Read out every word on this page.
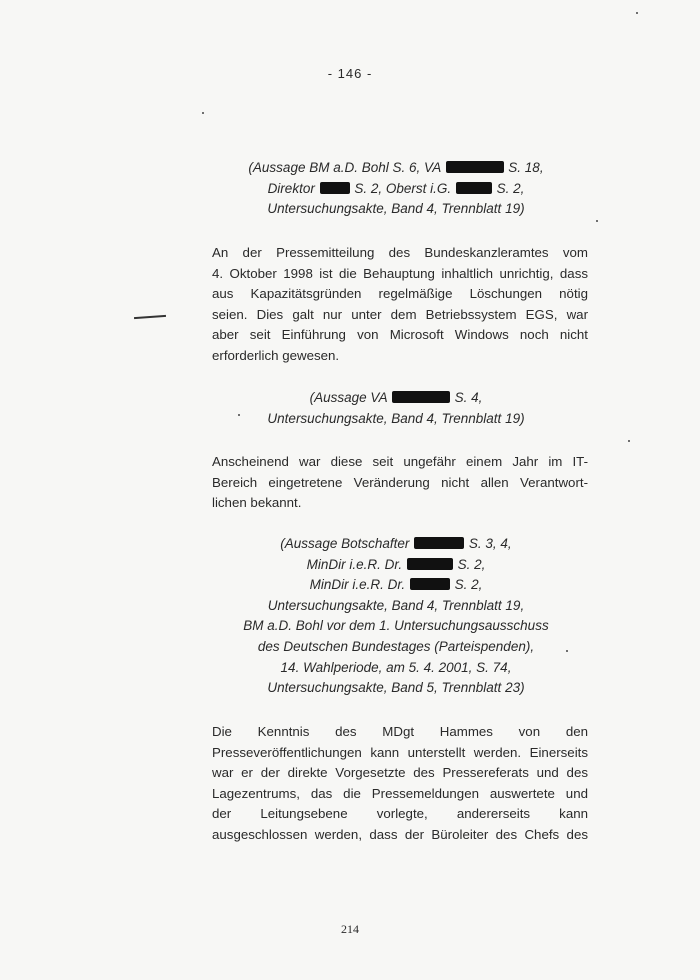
- 146 -
(Aussage BM a.D. Bohl S. 6, VA	S. 18,
Direktor	S. 2, Oberst i.G.	S. 2,
Untersuchungsakte, Band 4, Trennblatt 19)
An der Pressemitteilung des Bundeskanzleramtes vom
4. Oktober 1998 ist die Behauptung inhaltlich unrichtig, dass
aus Kapazitätsgründen regelmäßige Löschungen nötig
seien. Dies galt nur unter dem Betriebssystem EGS, war
aber seit Einführung von Microsoft Windows noch nicht
erforderlich gewesen.
(Aussage VA	S. 4,
Untersuchungsakte, Band 4, Trennblatt 19)
Anscheinend war diese seit ungefähr einem Jahr im IT-
Bereich eingetretene Veränderung nicht allen Verantwort-
lichen bekannt.
(Aussage Botschafter	S. 3, 4,
MinDir i.e.R. Dr.	S. 2,
MinDir i.e.R. Dr.	S. 2,
Untersuchungsakte, Band 4, Trennblatt 19,
BM a.D. Bohl vor dem 1. Untersuchungsausschuss
des Deutschen Bundestages (Parteispenden),
14. Wahlperiode, am 5. 4. 2001, S. 74,
Untersuchungsakte, Band 5, Trennblatt 23)
Die Kenntnis des MDgt Hammes von den
Presseveröffentlichungen kann unterstellt werden. Einerseits
war er der direkte Vorgesetzte des Pressereferats und des
Lagezentrums, das die Pressemeldungen auswertete und
der Leitungsebene vorlegte, andererseits kann
ausgeschlossen werden, dass der Büroleiter des Chefs des
214
